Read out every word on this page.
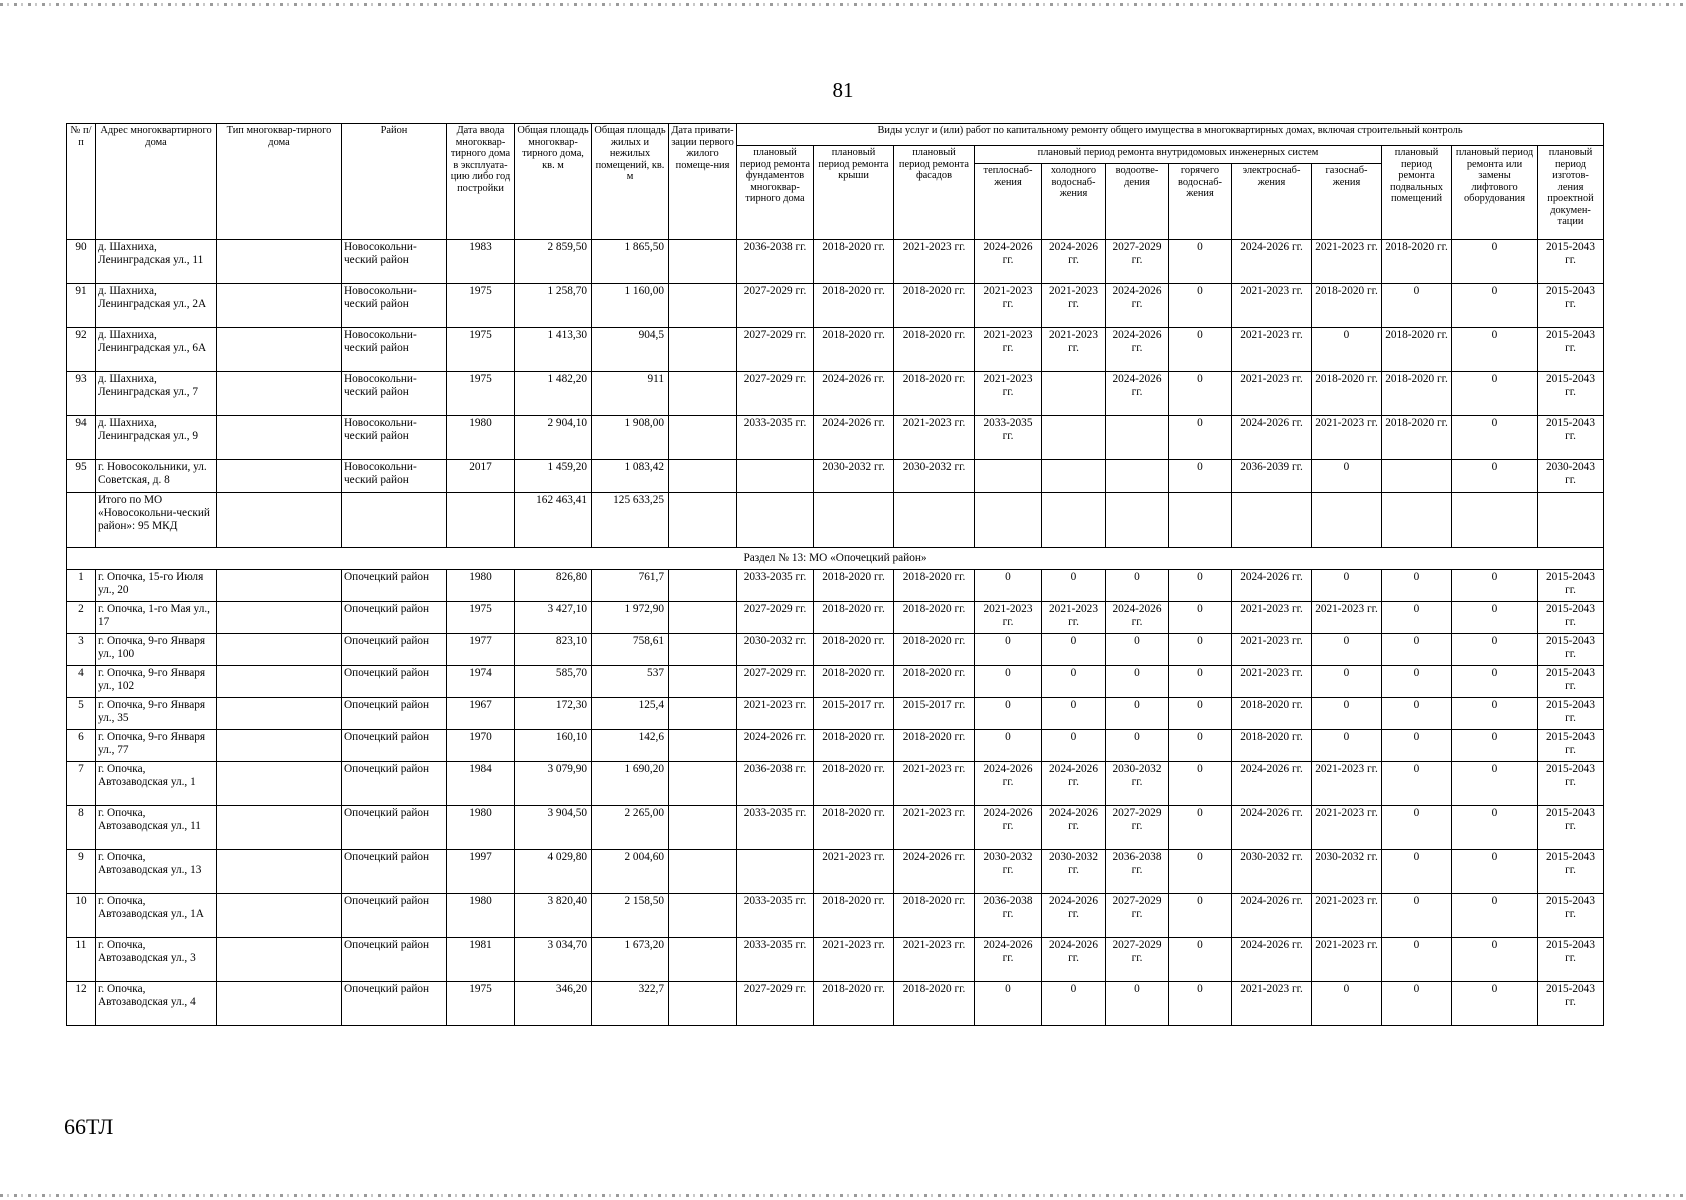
81
№ п/п	Адрес многоквартирного дома	Тип многоквар-тирного дома	Район	Дата ввода многоквар-тирного дома в эксплуата-цию либо год постройки	Общая площадь многоквар-тирного дома, кв. м	Общая площадь жилых и нежилых помещений, кв. м	Дата привати-зации первого жилого помеще-ния	Виды услуг и (или) работ по капитальному ремонту общего имущества в многоквартирных домах, включая строительный контроль											
								плановый период ремонта фундаментов многоквар-тирного дома	плановый период ремонта крыши	плановый период ремонта фасадов	плановый период ремонта внутридомовых инженерных систем						плановый период ремонта подвальных помещений	плановый период ремонта или замены лифтового оборудования	плановый период изготов-ления проектной докумен-тации
											теплоснаб-жения	холодного водоснаб-жения	водоотве-дения	горячего водоснаб-жения	электроснаб-жения	газоснаб-жения			
90	д. Шахниха, Ленинградская ул., 11		Новосокольни-ческий район	1983	2 859,50	1 865,50		2036-2038 гг.	2018-2020 гг.	2021-2023 гг.	2024-2026 гг.	2024-2026 гг.	2027-2029 гг.	0	2024-2026 гг.	2021-2023 гг.	2018-2020 гг.	0	2015-2043 гг.
91	д. Шахниха, Ленинградская ул., 2А		Новосокольни-ческий район	1975	1 258,70	1 160,00		2027-2029 гг.	2018-2020 гг.	2018-2020 гг.	2021-2023 гг.	2021-2023 гг.	2024-2026 гг.	0	2021-2023 гг.	2018-2020 гг.	0	0	2015-2043 гг.
92	д. Шахниха, Ленинградская ул., 6А		Новосокольни-ческий район	1975	1 413,30	904,5		2027-2029 гг.	2018-2020 гг.	2018-2020 гг.	2021-2023 гг.	2021-2023 гг.	2024-2026 гг.	0	2021-2023 гг.	0	2018-2020 гг.	0	2015-2043 гг.
93	д. Шахниха, Ленинградская ул., 7		Новосокольни-ческий район	1975	1 482,20	911		2027-2029 гг.	2024-2026 гг.	2018-2020 гг.	2021-2023 гг.		2024-2026 гг.	0	2021-2023 гг.	2018-2020 гг.	2018-2020 гг.	0	2015-2043 гг.
94	д. Шахниха, Ленинградская ул., 9		Новосокольни-ческий район	1980	2 904,10	1 908,00		2033-2035 гг.	2024-2026 гг.	2021-2023 гг.	2033-2035 гг.			0	2024-2026 гг.	2021-2023 гг.	2018-2020 гг.	0	2015-2043 гг.
95	г. Новосокольники, ул. Советская, д. 8		Новосокольни-ческий район	2017	1 459,20	1 083,42			2030-2032 гг.	2030-2032 гг.				0	2036-2039 гг.	0		0	2030-2043 гг.
	Итого по МО «Новосокольни-ческий район»: 95 МКД				162 463,41	125 633,25													
Раздел № 13: МО «Опочецкий район»																			
1	г. Опочка, 15-го Июля ул., 20		Опочецкий район	1980	826,80	761,7		2033-2035 гг.	2018-2020 гг.	2018-2020 гг.	0	0	0	0	2024-2026 гг.	0	0	0	2015-2043 гг.
2	г. Опочка, 1-го Мая ул., 17		Опочецкий район	1975	3 427,10	1 972,90		2027-2029 гг.	2018-2020 гг.	2018-2020 гг.	2021-2023 гг.	2021-2023 гг.	2024-2026 гг.	0	2021-2023 гг.	2021-2023 гг.	0	0	2015-2043 гг.
3	г. Опочка, 9-го Января ул., 100		Опочецкий район	1977	823,10	758,61		2030-2032 гг.	2018-2020 гг.	2018-2020 гг.	0	0	0	0	2021-2023 гг.	0	0	0	2015-2043 гг.
4	г. Опочка, 9-го Января ул., 102		Опочецкий район	1974	585,70	537		2027-2029 гг.	2018-2020 гг.	2018-2020 гг.	0	0	0	0	2021-2023 гг.	0	0	0	2015-2043 гг.
5	г. Опочка, 9-го Января ул., 35		Опочецкий район	1967	172,30	125,4		2021-2023 гг.	2015-2017 гг.	2015-2017 гг.	0	0	0	0	2018-2020 гг.	0	0	0	2015-2043 гг.
6	г. Опочка, 9-го Января ул., 77		Опочецкий район	1970	160,10	142,6		2024-2026 гг.	2018-2020 гг.	2018-2020 гг.	0	0	0	0	2018-2020 гг.	0	0	0	2015-2043 гг.
7	г. Опочка, Автозаводская ул., 1		Опочецкий район	1984	3 079,90	1 690,20		2036-2038 гг.	2018-2020 гг.	2021-2023 гг.	2024-2026 гг.	2024-2026 гг.	2030-2032 гг.	0	2024-2026 гг.	2021-2023 гг.	0	0	2015-2043 гг.
8	г. Опочка, Автозаводская ул., 11		Опочецкий район	1980	3 904,50	2 265,00		2033-2035 гг.	2018-2020 гг.	2021-2023 гг.	2024-2026 гг.	2024-2026 гг.	2027-2029 гг.	0	2024-2026 гг.	2021-2023 гг.	0	0	2015-2043 гг.
9	г. Опочка, Автозаводская ул., 13		Опочецкий район	1997	4 029,80	2 004,60			2021-2023 гг.	2024-2026 гг.	2030-2032 гг.	2030-2032 гг.	2036-2038 гг.	0	2030-2032 гг.	2030-2032 гг.	0	0	2015-2043 гг.
10	г. Опочка, Автозаводская ул., 1А		Опочецкий район	1980	3 820,40	2 158,50		2033-2035 гг.	2018-2020 гг.	2018-2020 гг.	2036-2038 гг.	2024-2026 гг.	2027-2029 гг.	0	2024-2026 гг.	2021-2023 гг.	0	0	2015-2043 гг.
11	г. Опочка, Автозаводская ул., 3		Опочецкий район	1981	3 034,70	1 673,20		2033-2035 гг.	2021-2023 гг.	2021-2023 гг.	2024-2026 гг.	2024-2026 гг.	2027-2029 гг.	0	2024-2026 гг.	2021-2023 гг.	0	0	2015-2043 гг.
12	г. Опочка, Автозаводская ул., 4		Опочецкий район	1975	346,20	322,7		2027-2029 гг.	2018-2020 гг.	2018-2020 гг.	0	0	0	0	2021-2023 гг.	0	0	0	2015-2043 гг.
66ТЛ
